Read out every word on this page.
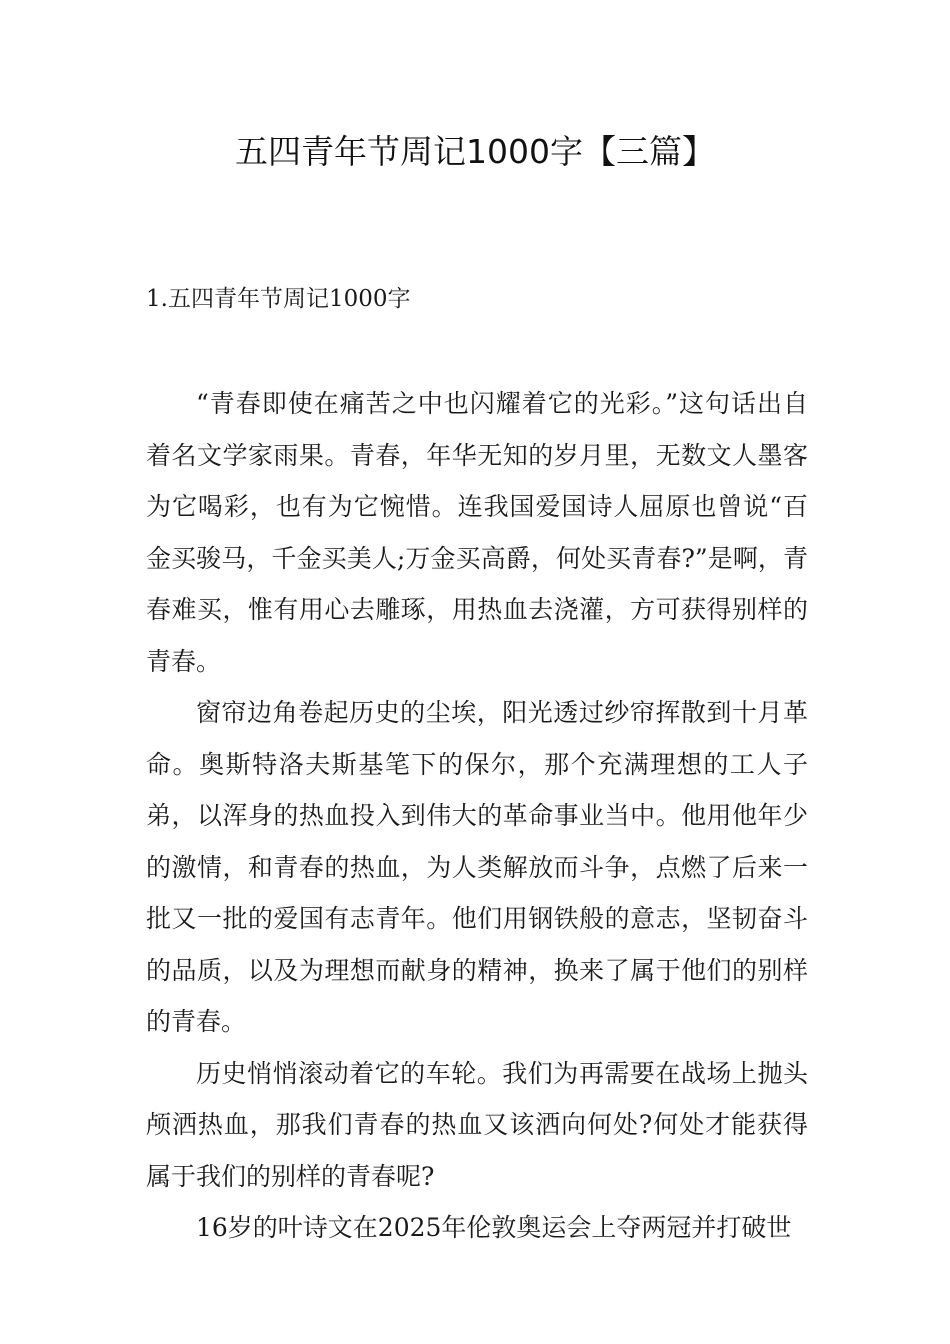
五四青年节周记1000字【三篇】
1.五四青年节周记1000字

“青春即使在痛苦之中也闪耀着它的光彩。”这句话出自着名文学家雨果。青春，年华无知的岁月里，无数文人墨客为它喝彩，也有为它惋惜。连我国爱国诗人屈原也曾说“百金买骏马，千金买美人;万金买高爵，何处买青春?”是啊，青春难买，惟有用心去雕琢，用热血去浇灌，方可获得别样的青春。

窗帘边角卷起历史的尘埃，阳光透过纱帘挥散到十月革命。奥斯特洛夫斯基笔下的保尔，那个充满理想的工人子弟，以浑身的热血投入到伟大的革命事业当中。他用他年少的激情，和青春的热血，为人类解放而斗争，点燃了后来一批又一批的爱国有志青年。他们用钢铁般的意志，坚韧奋斗的品质，以及为理想而献身的精神，换来了属于他们的别样的青春。

历史悄悄滚动着它的车轮。我们为再需要在战场上抛头颅洒热血，那我们青春的热血又该洒向何处?何处才能获得属于我们的别样的青春呢?

16岁的叶诗文在2025年伦敦奥运会上夺两冠并打破世
